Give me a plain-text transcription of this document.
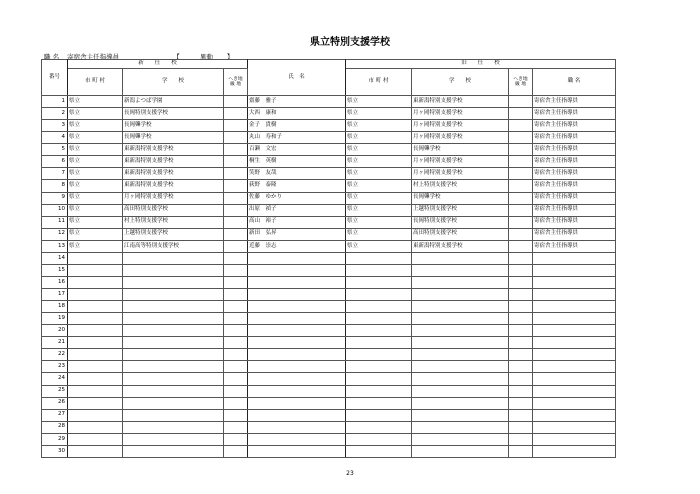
県立特別支援学校
職 名 寄宿舎主任指導員	【	異動 】
番号	新　　任　　校			氏　名	旧　　任　　校			
	市 町 村	学　　校	へき地
級 地		市 町 村	学　　校	へき地
級 地	職 名
1	県立	新潟よつば学園		齋藤　雅子	県立	東新潟特別支援学校		寄宿舎主任指導員
2	県立	長岡特別支援学校		大西　康和	県立	月ヶ岡特別支援学校		寄宿舎主任指導員
3	県立	長岡聾学校		金子　貴樹	県立	月ヶ岡特別支援学校		寄宿舎主任指導員
4	県立	長岡聾学校		丸山　寿和子	県立	月ヶ岡特別支援学校		寄宿舎主任指導員
5	県立	東新潟特別支援学校		百瀬　文宏	県立	長岡聾学校		寄宿舎主任指導員
6	県立	東新潟特別支援学校		桐生　英樹	県立	月ヶ岡特別支援学校		寄宿舎主任指導員
7	県立	東新潟特別支援学校		笑野　友哉	県立	月ヶ岡特別支援学校		寄宿舎主任指導員
8	県立	東新潟特別支援学校		荻野　泰隆	県立	村上特別支援学校		寄宿舎主任指導員
9	県立	月ヶ岡特別支援学校		佐藤　ゆかり	県立	長岡聾学校		寄宿舎主任指導員
10	県立	高田特別支援学校		出原　禎子	県立	上越特別支援学校		寄宿舎主任指導員
11	県立	村上特別支援学校		高山　裕子	県立	長岡特別支援学校		寄宿舎主任指導員
12	県立	上越特別支援学校		新田　弘昇	県立	高田特別支援学校		寄宿舎主任指導員
13	県立	江南高等特別支援学校		近藤　崇志	県立	東新潟特別支援学校		寄宿舎主任指導員
14								
15								
16								
17								
18								
19								
20								
21								
22								
23								
24								
25								
26								
27								
28								
29								
30								
23
